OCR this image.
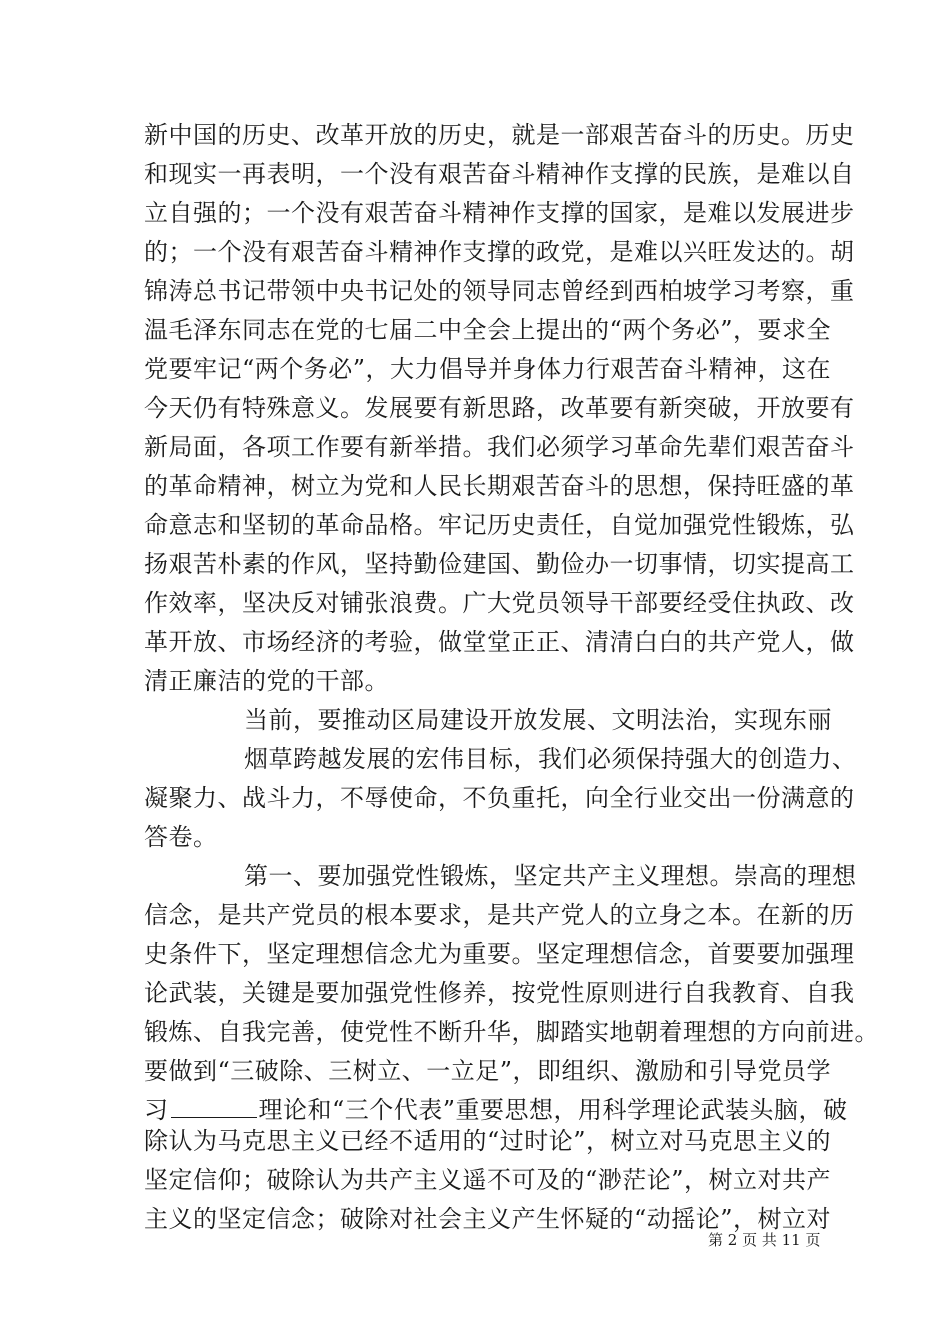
新中国的历史、改革开放的历史，就是一部艰苦奋斗的历史。历史
和现实一再表明，一个没有艰苦奋斗精神作支撑的民族，是难以自
立自强的；一个没有艰苦奋斗精神作支撑的国家，是难以发展进步
的；一个没有艰苦奋斗精神作支撑的政党，是难以兴旺发达的。胡
锦涛总书记带领中央书记处的领导同志曾经到西柏坡学习考察，重
温毛泽东同志在党的七届二中全会上提出的“两个务必”，要求全
党要牢记“两个务必”，大力倡导并身体力行艰苦奋斗精神，这在
今天仍有特殊意义。发展要有新思路，改革要有新突破，开放要有
新局面，各项工作要有新举措。我们必须学习革命先辈们艰苦奋斗
的革命精神，树立为党和人民长期艰苦奋斗的思想，保持旺盛的革
命意志和坚韧的革命品格。牢记历史责任，自觉加强党性锻炼，弘
扬艰苦朴素的作风，坚持勤俭建国、勤俭办一切事情，切实提高工
作效率，坚决反对铺张浪费。广大党员领导干部要经受住执政、改
革开放、市场经济的考验，做堂堂正正、清清白白的共产党人，做
清正廉洁的党的干部。
当前，要推动区局建设开放发展、文明法治，实现东丽
烟草跨越发展的宏伟目标，我们必须保持强大的创造力、
凝聚力、战斗力，不辱使命，不负重托，向全行业交出一份满意的
答卷。
第一、要加强党性锻炼，坚定共产主义理想。崇高的理想
信念，是共产党员的根本要求，是共产党人的立身之本。在新的历
史条件下，坚定理想信念尤为重要。坚定理想信念，首要要加强理
论武装，关键是要加强党性修养，按党性原则进行自我教育、自我
锻炼、自我完善，使党性不断升华，脚踏实地朝着理想的方向前进。
要做到“三破除、三树立、一立足”，即组织、激励和引导党员学
习	理论和“三个代表”重要思想，用科学理论武装头脑，破
除认为马克思主义已经不适用的“过时论”，树立对马克思主义的
坚定信仰；破除认为共产主义遥不可及的“渺茫论”，树立对共产
主义的坚定信念；破除对社会主义产生怀疑的“动摇论”，树立对
第 2 页 共 11 页
